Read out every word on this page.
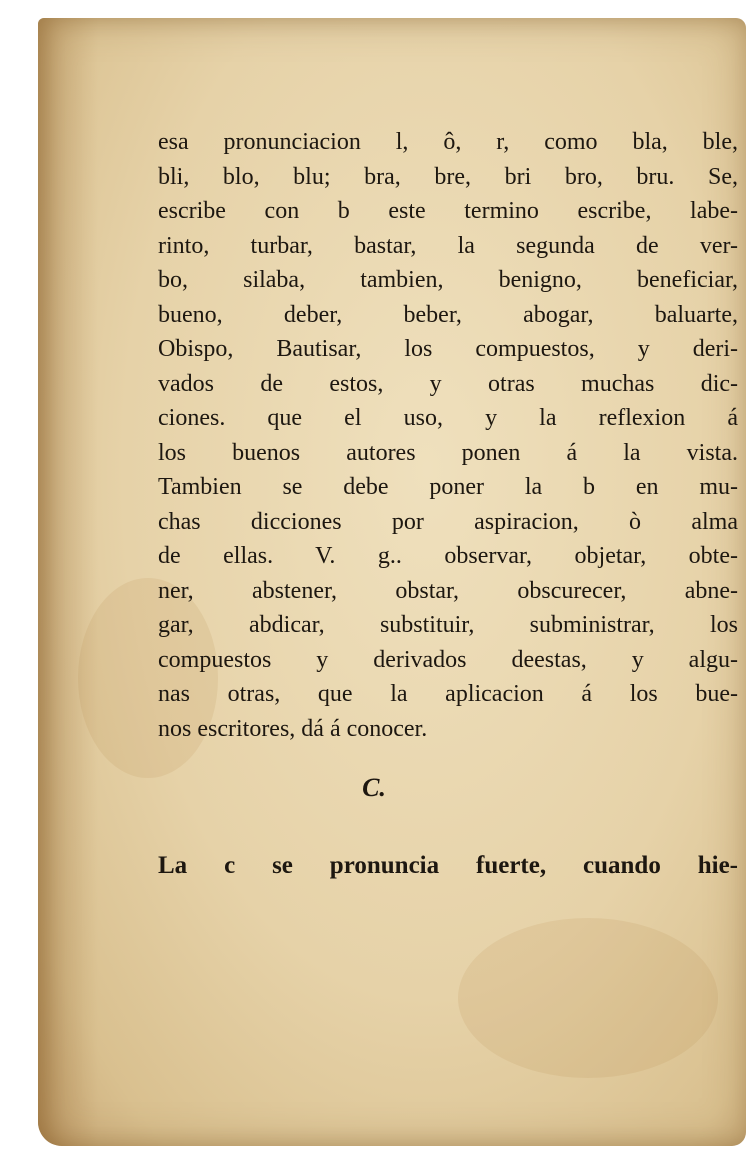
esa pronunciacion l, ô, r, como bla, ble,
bli, blo, blu; bra, bre, bri bro, bru. Se,
escribe con b este termino escribe, labe-
rinto, turbar, bastar, la segunda de ver-
bo, silaba, tambien, benigno, beneficiar,
bueno, deber, beber, abogar, baluarte,
Obispo, Bautisar, los compuestos, y deri-
vados de estos, y otras muchas dic-
ciones. que el uso, y la reflexion á
los buenos autores ponen á la vista.
Tambien se debe poner la b en mu-
chas dicciones por aspiracion, ò alma
de ellas. V. g.. observar, objetar, obte-
ner, abstener, obstar, obscurecer, abne-
gar, abdicar, substituir, subministrar, los
compuestos y derivados deestas, y algu-
nas otras, que la aplicacion á los bue-
nos escritores, dá á conocer.
C.
La c se pronuncia fuerte, cuando hie-
